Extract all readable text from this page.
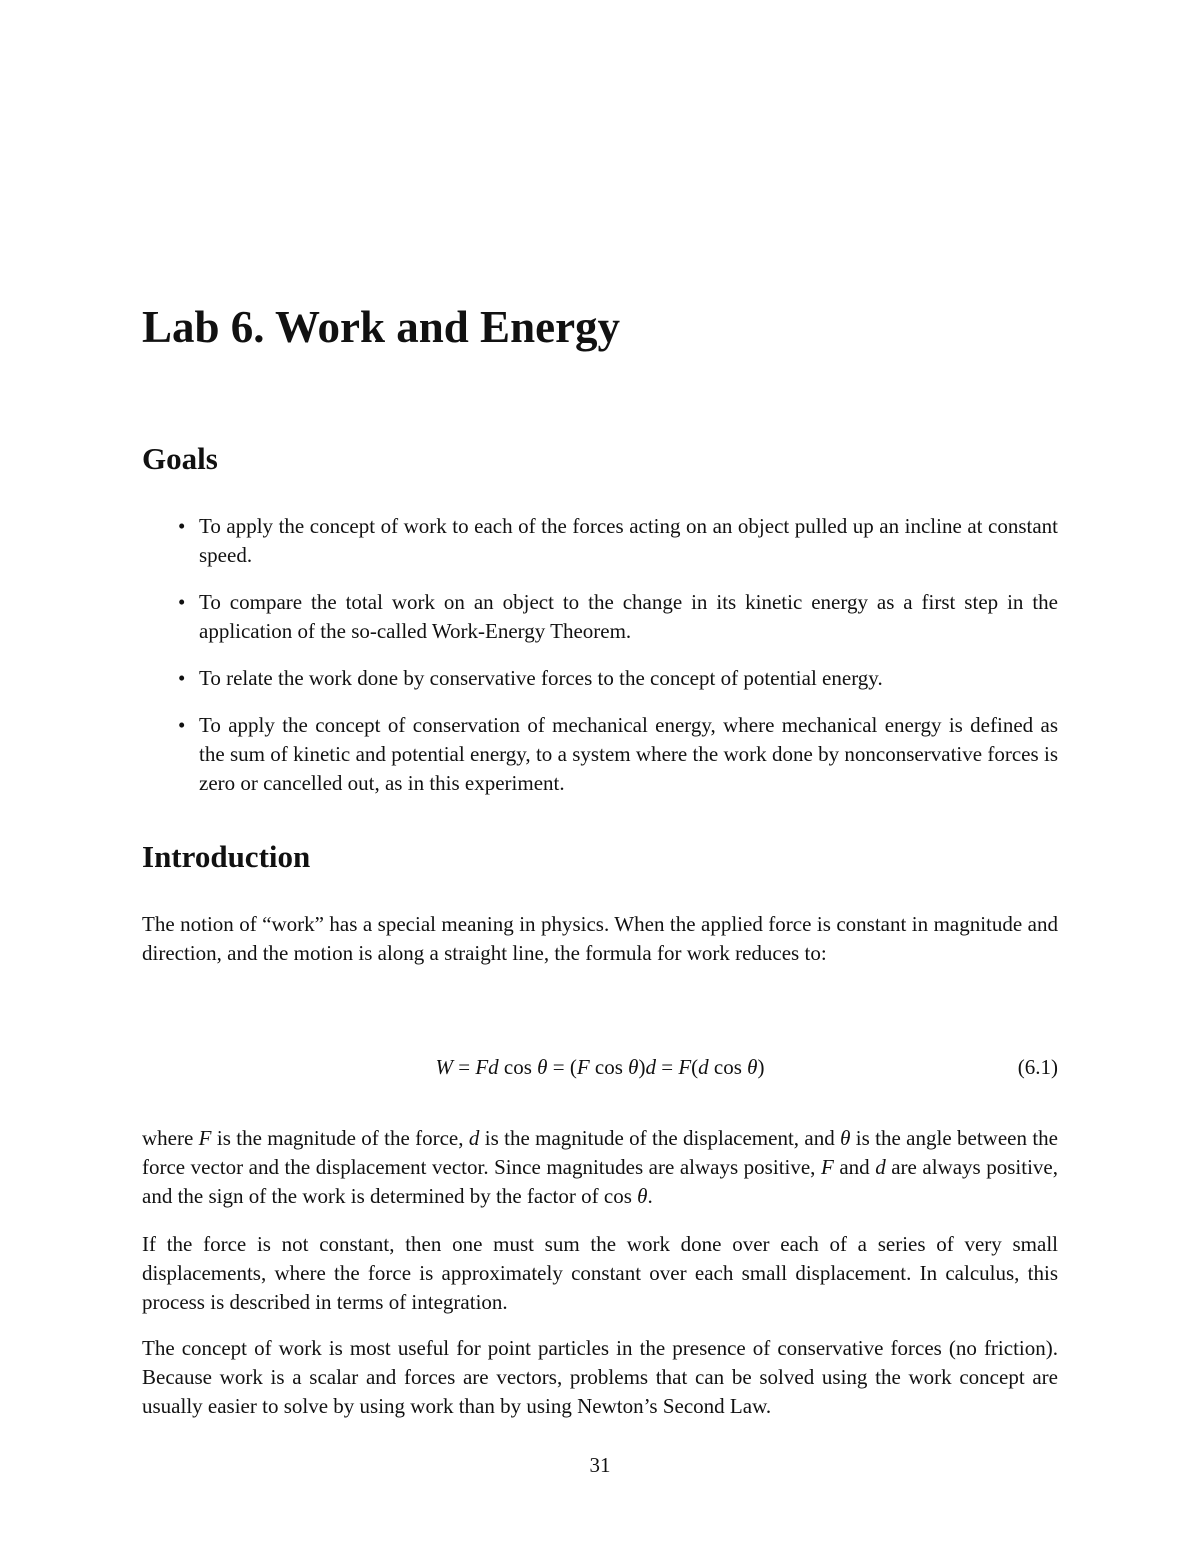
Lab 6. Work and Energy
Goals
• To apply the concept of work to each of the forces acting on an object pulled up an incline at constant speed.
• To compare the total work on an object to the change in its kinetic energy as a first step in the application of the so-called Work-Energy Theorem.
• To relate the work done by conservative forces to the concept of potential energy.
• To apply the concept of conservation of mechanical energy, where mechanical energy is defined as the sum of kinetic and potential energy, to a system where the work done by nonconservative forces is zero or cancelled out, as in this experiment.
Introduction

The notion of “work” has a special meaning in physics. When the applied force is constant in magnitude and direction, and the motion is along a straight line, the formula for work reduces to:

W = Fd cos θ = (F cos θ)d = F(d cos θ)	(6.1)

where F is the magnitude of the force, d is the magnitude of the displacement, and θ is the angle between the force vector and the displacement vector. Since magnitudes are always positive, F and d are always positive, and the sign of the work is determined by the factor of cos θ.

If the force is not constant, then one must sum the work done over each of a series of very small displacements, where the force is approximately constant over each small displacement. In calculus, this process is described in terms of integration.

The concept of work is most useful for point particles in the presence of conservative forces (no friction). Because work is a scalar and forces are vectors, problems that can be solved using the work concept are usually easier to solve by using work than by using Newton’s Second Law.

31
